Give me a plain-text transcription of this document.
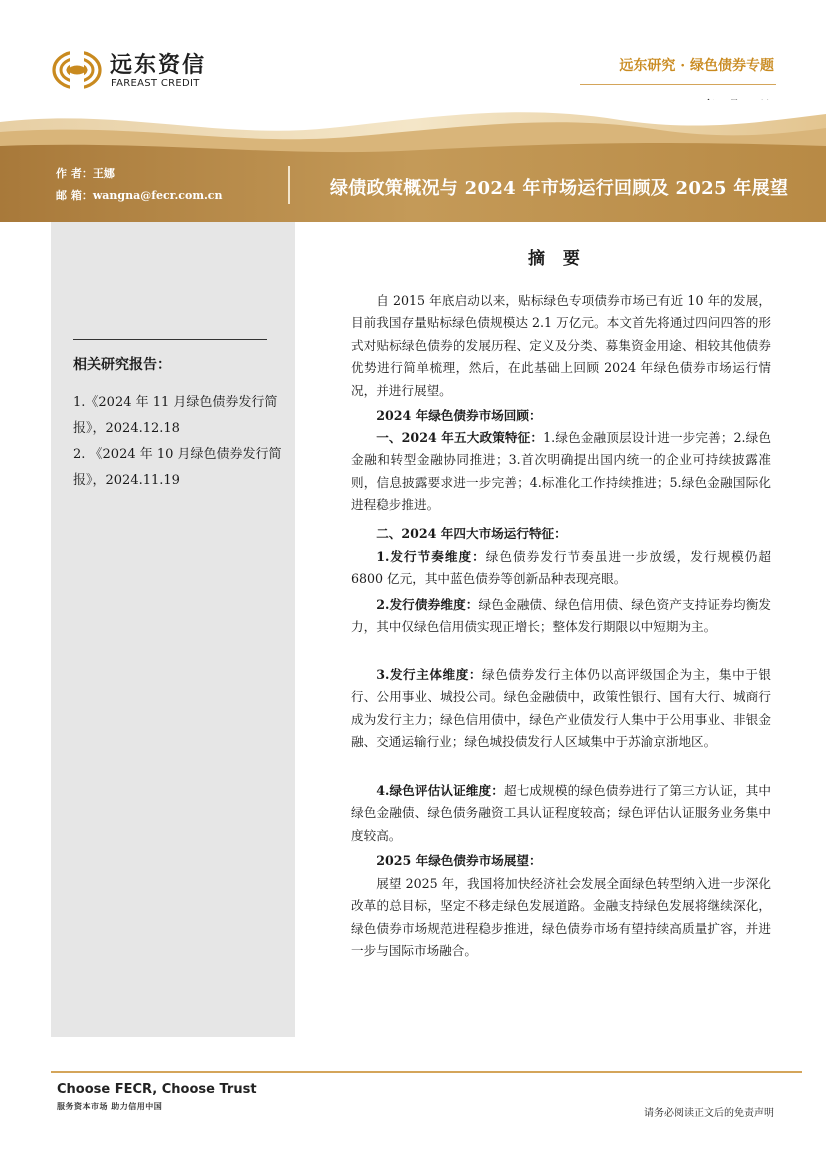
远东资信
FAREAST CREDIT
远东研究 · 绿色债券专题
作 者：王娜
邮 箱：wangna@fecr.com.cn	绿债政策概况与 2024 年市场运行回顾及 2025 年展望
相关研究报告：
1.《2024 年 11 月绿色债券发行简报》，2024.12.18
2. 《2024 年 10 月绿色债券发行简报》，2024.11.19
摘 要

自 2015 年底启动以来，贴标绿色专项债券市场已有近 10 年的发展，目前我国存量贴标绿色债规模达 2.1 万亿元。本文首先将通过四问四答的形式对贴标绿色债券的发展历程、定义及分类、募集资金用途、相较其他债券优势进行简单梳理，然后，在此基础上回顾 2024 年绿色债券市场运行情况，并进行展望。

2024 年绿色债券市场回顾：

一、2024 年五大政策特征：1.绿色金融顶层设计进一步完善；2.绿色金融和转型金融协同推进；3.首次明确提出国内统一的企业可持续披露准则，信息披露要求进一步完善；4.标准化工作持续推进；5.绿色金融国际化进程稳步推进。

二、2024 年四大市场运行特征：

1.发行节奏维度：绿色债券发行节奏虽进一步放缓，发行规模仍超 6800 亿元，其中蓝色债券等创新品种表现亮眼。

2.发行债券维度：绿色金融债、绿色信用债、绿色资产支持证券均衡发力，其中仅绿色信用债实现正增长；整体发行期限以中短期为主。

3.发行主体维度：绿色债券发行主体仍以高评级国企为主，集中于银行、公用事业、城投公司。绿色金融债中，政策性银行、国有大行、城商行成为发行主力；绿色信用债中，绿色产业债发行人集中于公用事业、非银金融、交通运输行业；绿色城投债发行人区域集中于苏渝京浙地区。

4.绿色评估认证维度：超七成规模的绿色债券进行了第三方认证，其中绿色金融债、绿色债务融资工具认证程度较高；绿色评估认证服务业务集中度较高。

2025 年绿色债券市场展望：

展望 2025 年，我国将加快经济社会发展全面绿色转型纳入进一步深化改革的总目标，坚定不移走绿色发展道路。金融支持绿色发展将继续深化，绿色债券市场规范进程稳步推进，绿色债券市场有望持续高质量扩容，并进一步与国际市场融合。

Choose FECR, Choose Trust
服务资本市场 助力信用中国
请务必阅读正文后的免责声明
